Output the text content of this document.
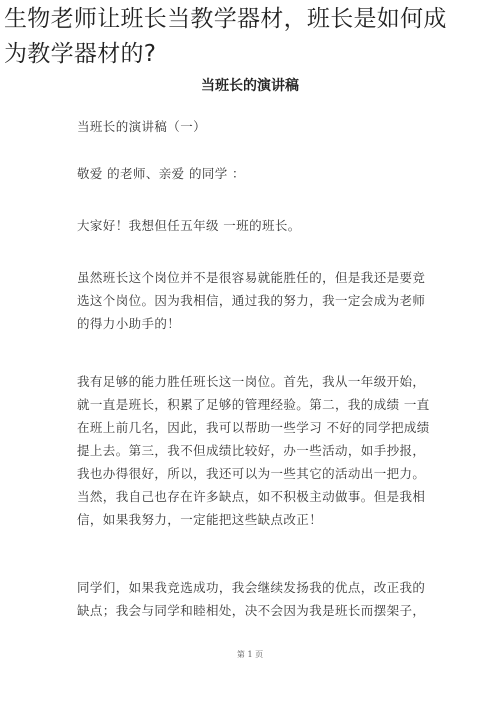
生物老师让班长当教学器材，班长是如何成
为教学器材的?
当班长的演讲稿

当班长的演讲稿（一）

敬爱 的老师、亲爱 的同学 ：

大家好！我想但任五年级 一班的班长。

虽然班长这个岗位并不是很容易就能胜任的，但是我还是要竞
选这个岗位。因为我相信，通过我的努力，我一定会成为老师
的得力小助手的！

我有足够的能力胜任班长这一岗位。首先，我从一年级开始，
就一直是班长，积累了足够的管理经验。第二，我的成绩 一直
在班上前几名，因此，我可以帮助一些学习 不好的同学把成绩
提上去。第三，我不但成绩比较好，办一些活动，如手抄报，
我也办得很好，所以，我还可以为一些其它的活动出一把力。
当然，我自己也存在许多缺点，如不积极主动做事。但是我相
信，如果我努力，一定能把这些缺点改正！

同学们，如果我竞选成功，我会继续发扬我的优点，改正我的
缺点；我会与同学和睦相处，决不会因为我是班长而摆架子，

第 1 页
